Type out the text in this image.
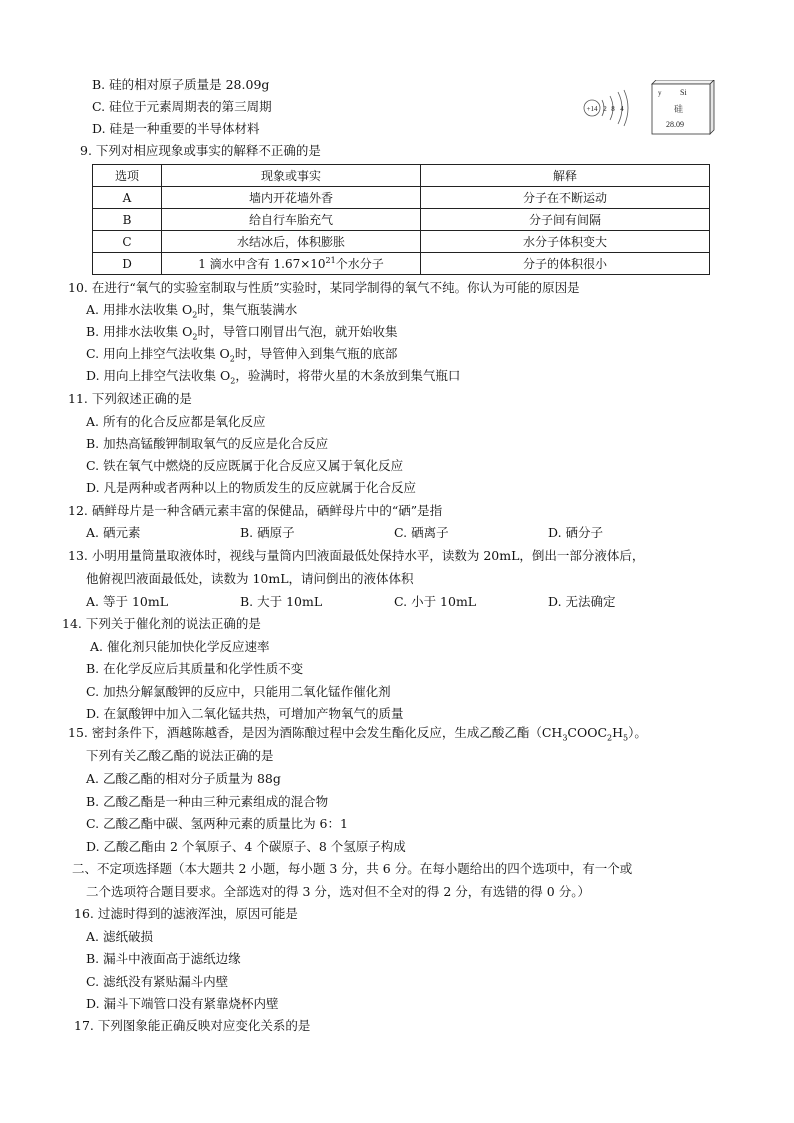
B. 硅的相对原子质量是 28.09g
C. 硅位于元素周期表的第三周期
D. 硅是一种重要的半导体材料
+14 2 8 4
y Si
硅
28.09
9. 下列对相应现象或事实的解释不正确的是
选项	现象或事实	解释
A	墙内开花墙外香	分子在不断运动
B	给自行车胎充气	分子间有间隔
C	水结冰后，体积膨胀	水分子体积变大
D	1 滴水中含有 $1.67\times 10^{21}$个水分子	分子的体积很小
10. 在进行“氧气的实验室制取与性质”实验时，某同学制得的氧气不纯。你认为可能的原因是
A. 用排水法收集 $O_2$时，集气瓶装满水
B. 用排水法收集 $O_2$时，导管口刚冒出气泡，就开始收集
C. 用向上排空气法收集 $O_2$时，导管伸入到集气瓶的底部
D. 用向上排空气法收集 $O_2$，验满时，将带火星的木条放到集气瓶口
11. 下列叙述正确的是
A. 所有的化合反应都是氧化反应
B. 加热高锰酸钾制取氧气的反应是化合反应
C. 铁在氧气中燃烧的反应既属于化合反应又属于氧化反应
D. 凡是两种或者两种以上的物质发生的反应就属于化合反应
12. 硒鲜母片是一种含硒元素丰富的保健品，硒鲜母片中的“硒”是指
A. 硒元素	B. 硒原子	C. 硒离子	D. 硒分子
13. 小明用量筒量取液体时，视线与量筒内凹液面最低处保持水平，读数为 20mL，倒出一部分液体后，
他俯视凹液面最低处，读数为 10mL，请问倒出的液体体积
A. 等于 10mL	B. 大于 10mL	C. 小于 10mL	D. 无法确定
14. 下列关于催化剂的说法正确的是
A. 催化剂只能加快化学反应速率
B. 在化学反应后其质量和化学性质不变
C. 加热分解氯酸钾的反应中，只能用二氧化锰作催化剂
D. 在氯酸钾中加入二氧化锰共热，可增加产物氧气的质量
15. 密封条件下，酒越陈越香，是因为酒陈酿过程中会发生酯化反应，生成乙酸乙酯$(CH_3COOC_2H_5)$。
下列有关乙酸乙酯的说法正确的是
A. 乙酸乙酯的相对分子质量为 88g
B. 乙酸乙酯是一种由三种元素组成的混合物
C. 乙酸乙酯中碳、氢两种元素的质量比为 6：1
D. 乙酸乙酯由 2 个氧原子、4 个碳原子、8 个氢原子构成
二、不定项选择题（本大题共 2 小题，每小题 3 分，共 6 分。在每小题给出的四个选项中，有一个或
二个选项符合题目要求。全部选对的得 3 分，选对但不全对的得 2 分，有选错的得 0 分。）
16. 过滤时得到的滤液浑浊，原因可能是
A. 滤纸破损
B. 漏斗中液面高于滤纸边缘
C. 滤纸没有紧贴漏斗内壁
D. 漏斗下端管口没有紧靠烧杯内壁
17. 下列图象能正确反映对应变化关系的是
